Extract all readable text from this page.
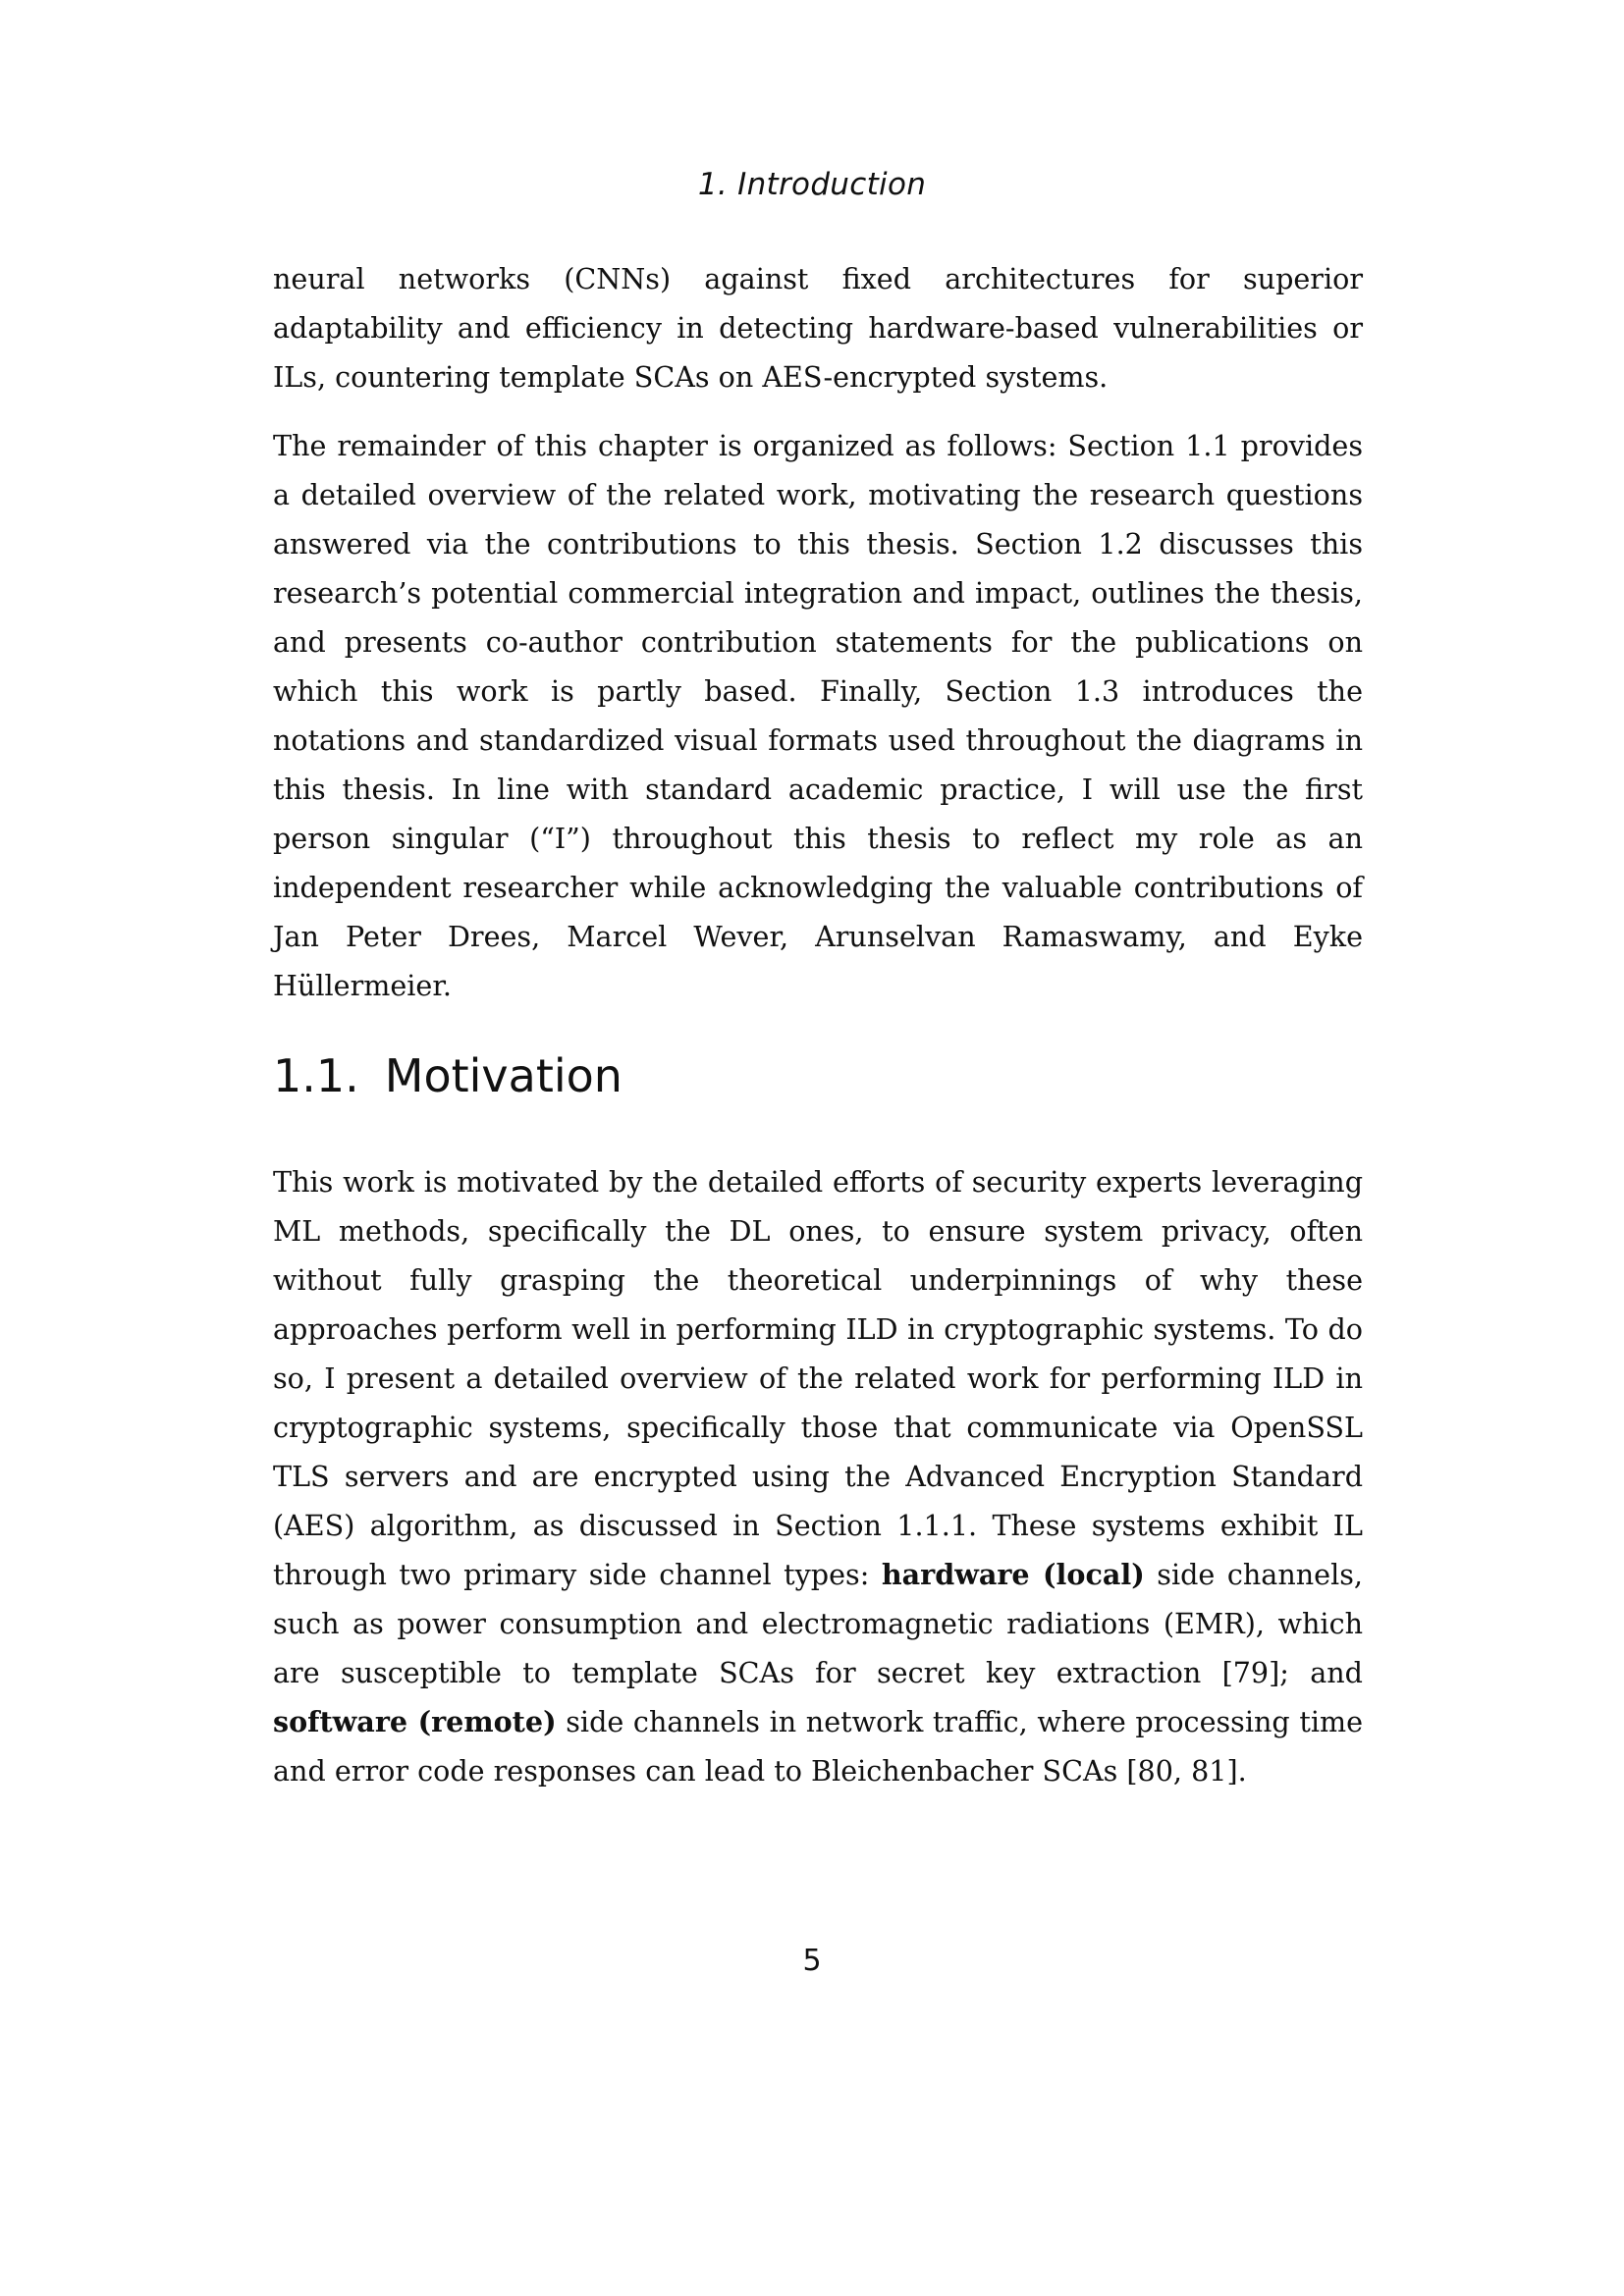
1. Introduction

neural networks (CNNs) against fixed architectures for superior adaptability and efficiency in detecting hardware-based vulnerabilities or ILs, countering template SCAs on AES-encrypted systems.

The remainder of this chapter is organized as follows: Section 1.1 provides a detailed overview of the related work, motivating the research questions answered via the contributions to this thesis. Section 1.2 discusses this research’s potential commercial integration and impact, outlines the thesis, and presents co-author contribution statements for the publications on which this work is partly based. Finally, Section 1.3 introduces the notations and standardized visual formats used throughout the diagrams in this thesis. In line with standard academic practice, I will use the first person singular (“I”) throughout this thesis to reflect my role as an independent researcher while acknowledging the valuable contributions of Jan Peter Drees, Marcel Wever, Arunselvan Ramaswamy, and Eyke Hüllermeier.

1.1. Motivation

This work is motivated by the detailed efforts of security experts leveraging ML methods, specifically the DL ones, to ensure system privacy, often without fully grasping the theoretical underpinnings of why these approaches perform well in performing ILD in cryptographic systems. To do so, I present a detailed overview of the related work for performing ILD in cryptographic systems, specifically those that communicate via OpenSSL TLS servers and are encrypted using the Advanced Encryption Standard (AES) algorithm, as discussed in Section 1.1.1. These systems exhibit IL through two primary side channel types: hardware (local) side channels, such as power consumption and electromagnetic radiations (EMR), which are susceptible to template SCAs for secret key extraction [79]; and software (remote) side channels in network traffic, where processing time and error code responses can lead to Bleichenbacher SCAs [80, 81].

5
